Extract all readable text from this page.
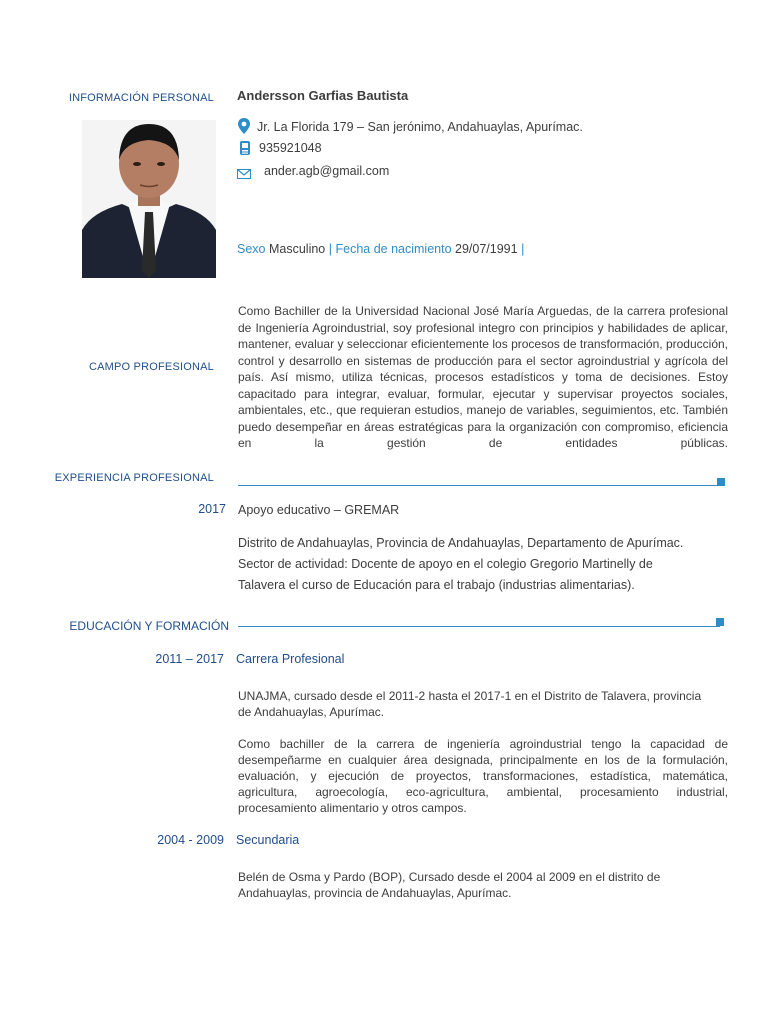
INFORMACIÓN PERSONAL Andersson Garfias Bautista
Jr. La Florida 179 – San jerónimo, Andahuaylas, Apurímac.
935921048
ander.agb@gmail.com
Sexo Masculino | Fecha de nacimiento 29/07/1991 |
CAMPO PROFESIONAL
Como Bachiller de la Universidad Nacional José María Arguedas, de la carrera profesional de Ingeniería Agroindustrial, soy profesional integro con principios y habilidades de aplicar, mantener, evaluar y seleccionar eficientemente los procesos de transformación, producción, control y desarrollo en sistemas de producción para el sector agroindustrial y agrícola del país. Así mismo, utiliza técnicas, procesos estadísticos y toma de decisiones. Estoy capacitado para integrar, evaluar, formular, ejecutar y supervisar proyectos sociales, ambientales, etc., que requieran estudios, manejo de variables, seguimientos, etc. También puedo desempeñar en áreas estratégicas para la organización con compromiso, eficiencia en la gestión de entidades públicas.
EXPERIENCIA PROFESIONAL
2017 Apoyo educativo – GREMAR
Distrito de Andahuaylas, Provincia de Andahuaylas, Departamento de Apurímac.
Sector de actividad: Docente de apoyo en el colegio Gregorio Martinelly de
Talavera el curso de Educación para el trabajo (industrias alimentarias).
EDUCACIÓN Y FORMACIÓN
2011 – 2017 Carrera Profesional
UNAJMA, cursado desde el 2011-2 hasta el 2017-1 en el Distrito de Talavera, provincia de Andahuaylas, Apurímac.
Como bachiller de la carrera de ingeniería agroindustrial tengo la capacidad de desempeñarme en cualquier área designada, principalmente en los de la formulación, evaluación, y ejecución de proyectos, transformaciones, estadística, matemática, agricultura, agroecología, eco-agricultura, ambiental, procesamiento industrial, procesamiento alimentario y otros campos.
2004 - 2009 Secundaria
Belén de Osma y Pardo (BOP), Cursado desde el 2004 al 2009 en el distrito de Andahuaylas, provincia de Andahuaylas, Apurímac.
